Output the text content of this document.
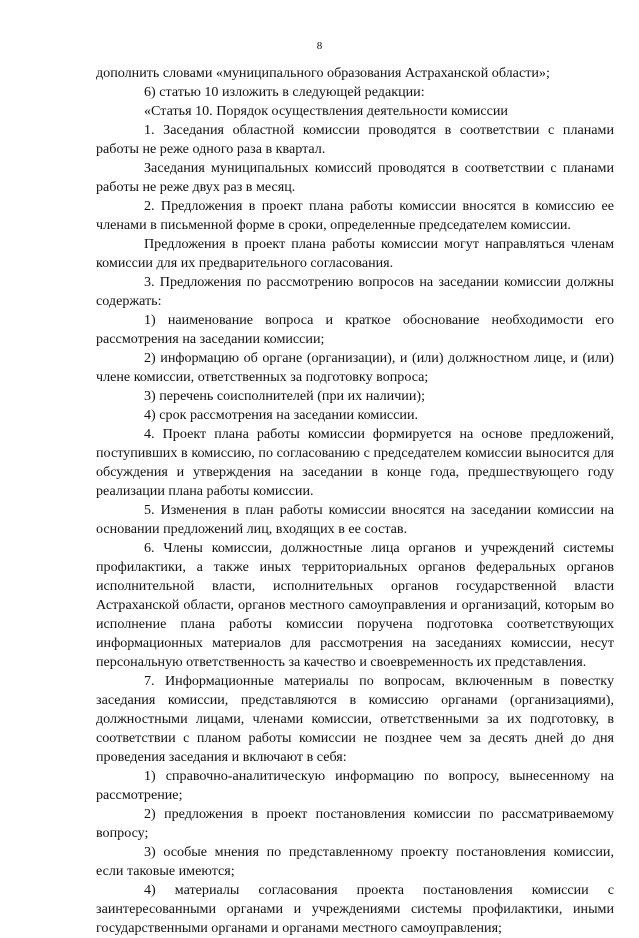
8

дополнить словами «муниципального образования Астраханской области»;

6) статью 10 изложить в следующей редакции:

«Статья 10. Порядок осуществления деятельности комиссии

1. Заседания областной комиссии проводятся в соответствии с планами работы не реже одного раза в квартал.

Заседания муниципальных комиссий проводятся в соответствии с планами работы не реже двух раз в месяц.

2. Предложения в проект плана работы комиссии вносятся в комиссию ее членами в письменной форме в сроки, определенные председателем комиссии.

Предложения в проект плана работы комиссии могут направляться членам комиссии для их предварительного согласования.

3. Предложения по рассмотрению вопросов на заседании комиссии должны содержать:

1) наименование вопроса и краткое обоснование необходимости его рассмотрения на заседании комиссии;

2) информацию об органе (организации), и (или) должностном лице, и (или) члене комиссии, ответственных за подготовку вопроса;

3) перечень соисполнителей (при их наличии);

4) срок рассмотрения на заседании комиссии.

4. Проект плана работы комиссии формируется на основе предложений, поступивших в комиссию, по согласованию с председателем комиссии выносится для обсуждения и утверждения на заседании в конце года, предшествующего году реализации плана работы комиссии.

5. Изменения в план работы комиссии вносятся на заседании комиссии на основании предложений лиц, входящих в ее состав.

6. Члены комиссии, должностные лица органов и учреждений системы профилактики, а также иных территориальных органов федеральных органов исполнительной власти, исполнительных органов государственной власти Астраханской области, органов местного самоуправления и организаций, которым во исполнение плана работы комиссии поручена подготовка соответствующих информационных материалов для рассмотрения на заседаниях комиссии, несут персональную ответственность за качество и своевременность их представления.

7. Информационные материалы по вопросам, включенным в повестку заседания комиссии, представляются в комиссию органами (организациями), должностными лицами, членами комиссии, ответственными за их подготовку, в соответствии с планом работы комиссии не позднее чем за десять дней до дня проведения заседания и включают в себя:

1) справочно-аналитическую информацию по вопросу, вынесенному на рассмотрение;

2) предложения в проект постановления комиссии по рассматриваемому вопросу;

3) особые мнения по представленному проекту постановления комиссии, если таковые имеются;

4) материалы согласования проекта постановления комиссии с заинтересованными органами и учреждениями системы профилактики, иными государственными органами и органами местного самоуправления;
